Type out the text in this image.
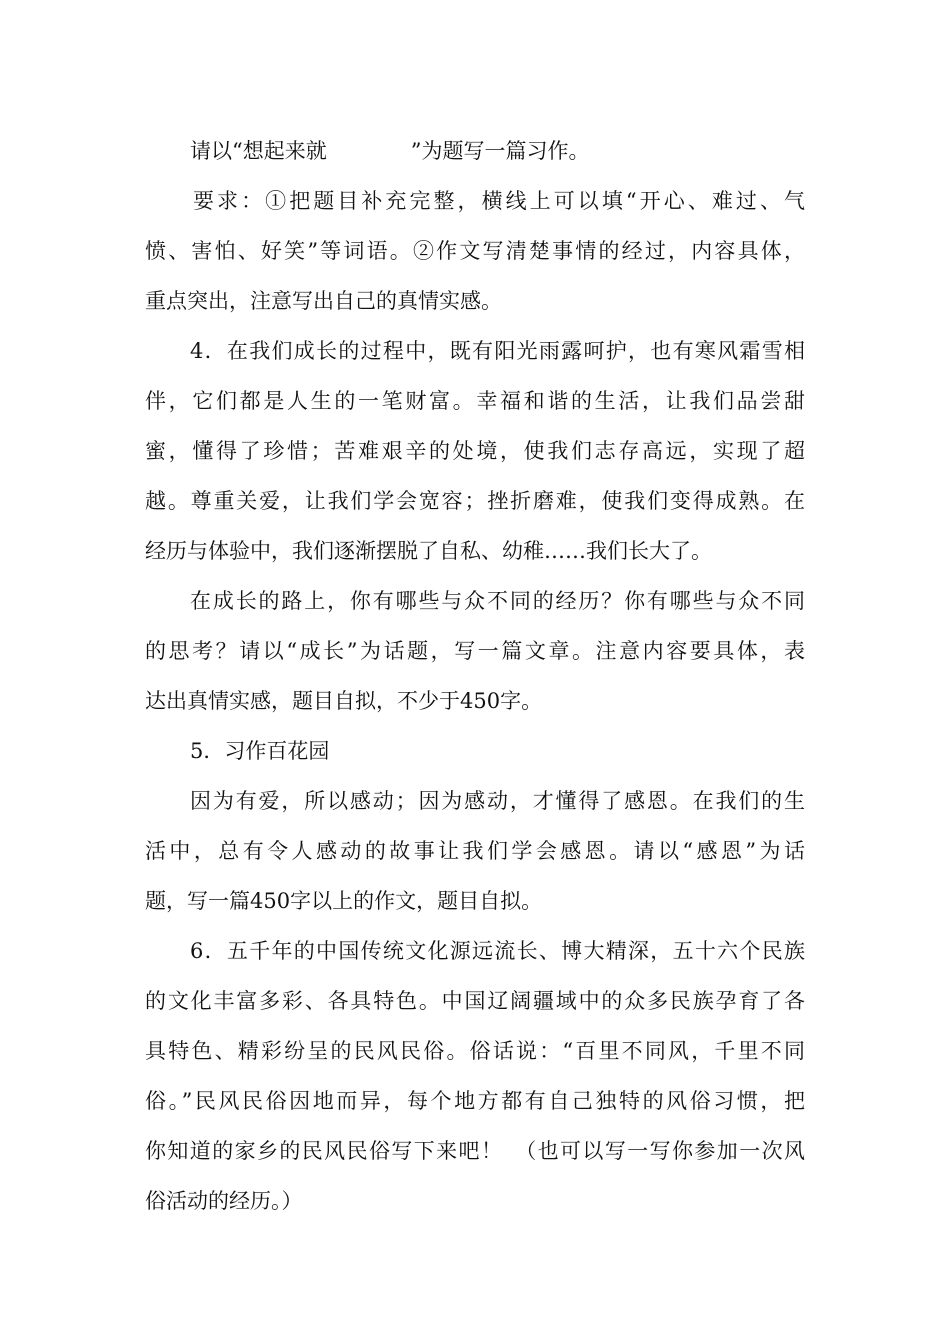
请以“想起来就　　　　”为题写一篇习作。
要求：①把题目补充完整，横线上可以填“开心、难过、气
愤、害怕、好笑”等词语。②作文写清楚事情的经过，内容具体，
重点突出，注意写出自己的真情实感。
4．在我们成长的过程中，既有阳光雨露呵护，也有寒风霜雪相
伴，它们都是人生的一笔财富。幸福和谐的生活，让我们品尝甜
蜜，懂得了珍惜；苦难艰辛的处境，使我们志存高远，实现了超
越。尊重关爱，让我们学会宽容；挫折磨难，使我们变得成熟。在
经历与体验中，我们逐渐摆脱了自私、幼稚……我们长大了。
在成长的路上，你有哪些与众不同的经历？你有哪些与众不同
的思考？请以“成长”为话题，写一篇文章。注意内容要具体，表
达出真情实感，题目自拟，不少于450字。
5．习作百花园
因为有爱，所以感动；因为感动，才懂得了感恩。在我们的生
活中，总有令人感动的故事让我们学会感恩。请以“感恩”为话
题，写一篇450字以上的作文，题目自拟。
6．五千年的中国传统文化源远流长、博大精深，五十六个民族
的文化丰富多彩、各具特色。中国辽阔疆域中的众多民族孕育了各
具特色、精彩纷呈的民风民俗。俗话说：“百里不同风，千里不同
俗。”民风民俗因地而异，每个地方都有自己独特的风俗习惯，把
你知道的家乡的民风民俗写下来吧！　（也可以写一写你参加一次风
俗活动的经历。）
